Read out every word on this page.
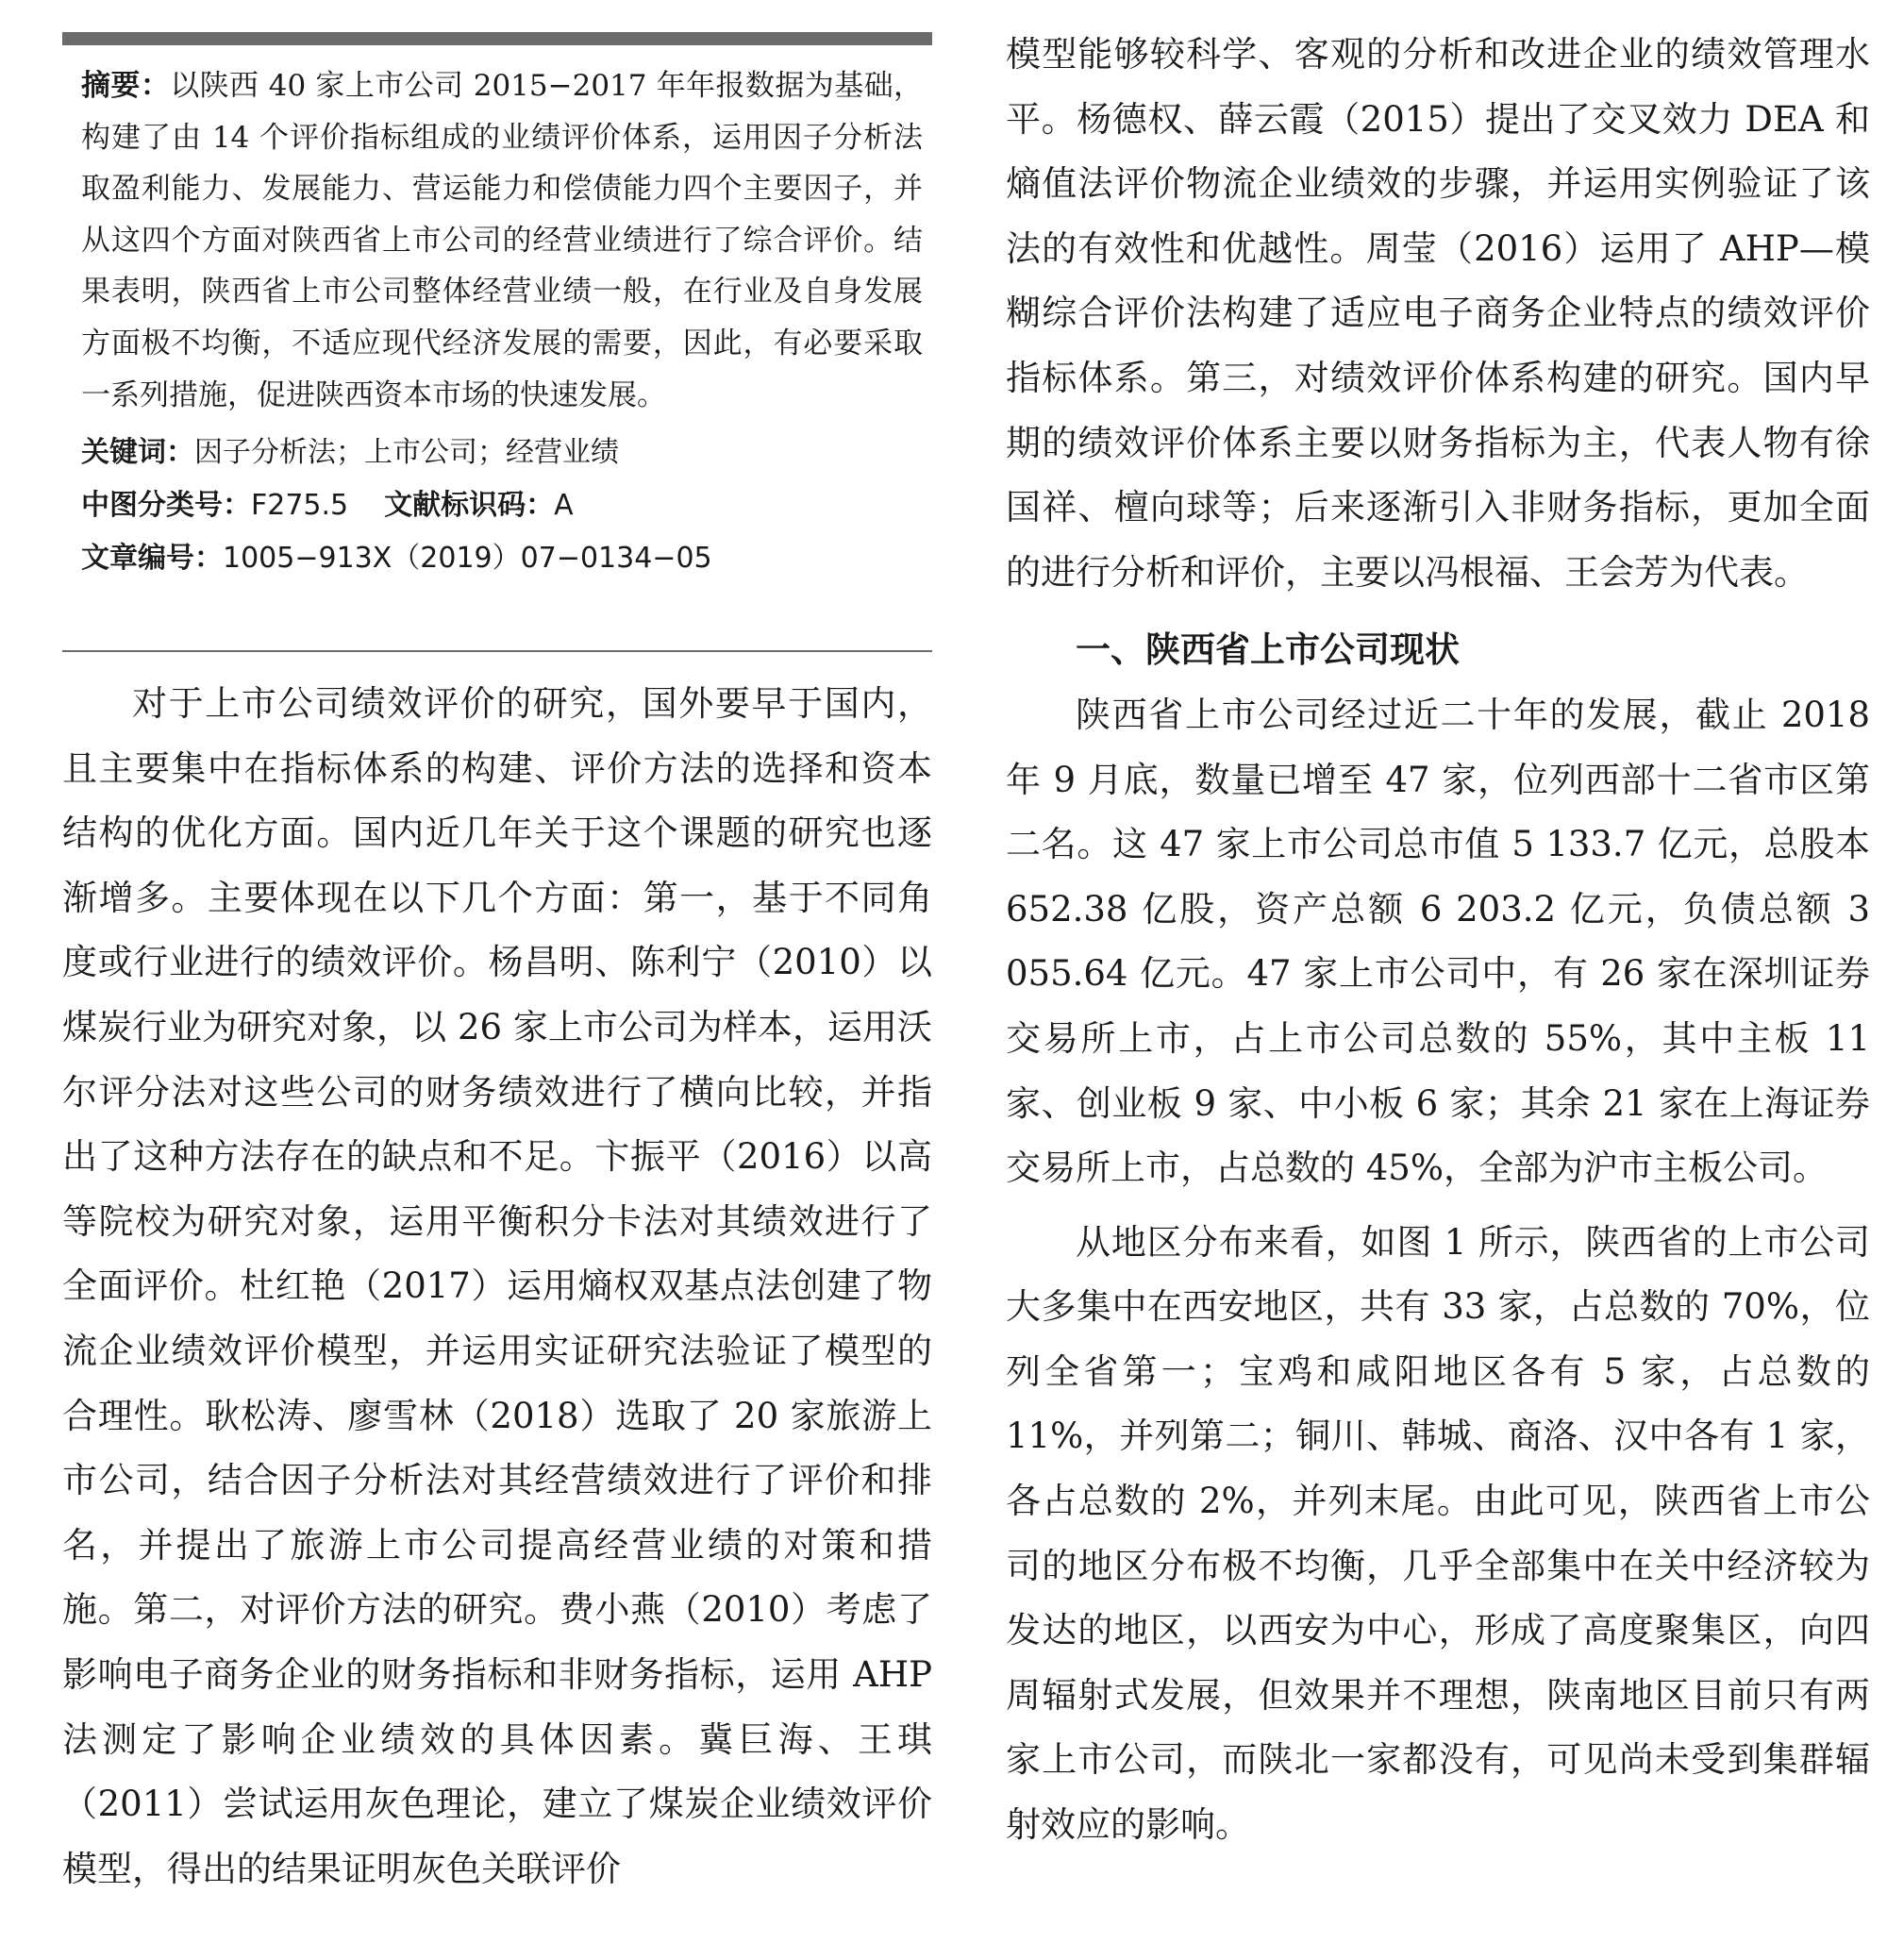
摘要：以陕西 40 家上市公司 2015−2017 年年报数据为基础，构建了由 14 个评价指标组成的业绩评价体系，运用因子分析法取盈利能力、发展能力、营运能力和偿债能力四个主要因子，并从这四个方面对陕西省上市公司的经营业绩进行了综合评价。结果表明，陕西省上市公司整体经营业绩一般，在行业及自身发展方面极不均衡，不适应现代经济发展的需要，因此，有必要采取一系列措施，促进陕西资本市场的快速发展。

关键词：因子分析法；上市公司；经营业绩

中图分类号：F275.5 文献标识码：A

文章编号：1005−913X（2019）07−0134−05

对于上市公司绩效评价的研究，国外要早于国内，且主要集中在指标体系的构建、评价方法的选择和资本结构的优化方面。国内近几年关于这个课题的研究也逐渐增多。主要体现在以下几个方面：第一，基于不同角度或行业进行的绩效评价。杨昌明、陈利宁（2010）以煤炭行业为研究对象，以 26 家上市公司为样本，运用沃尔评分法对这些公司的财务绩效进行了横向比较，并指出了这种方法存在的缺点和不足。卞振平（2016）以高等院校为研究对象，运用平衡积分卡法对其绩效进行了全面评价。杜红艳（2017）运用熵权双基点法创建了物流企业绩效评价模型，并运用实证研究法验证了模型的合理性。耿松涛、廖雪林（2018）选取了 20 家旅游上市公司，结合因子分析法对其经营绩效进行了评价和排名，并提出了旅游上市公司提高经营业绩的对策和措施。第二，对评价方法的研究。费小燕（2010）考虑了影响电子商务企业的财务指标和非财务指标，运用 AHP 法测定了影响企业绩效的具体因素。冀巨海、王琪（2011）尝试运用灰色理论，建立了煤炭企业绩效评价模型，得出的结果证明灰色关联评价

模型能够较科学、客观的分析和改进企业的绩效管理水平。杨德权、薛云霞（2015）提出了交叉效力 DEA 和熵值法评价物流企业绩效的步骤，并运用实例验证了该法的有效性和优越性。周莹（2016）运用了 AHP—模糊综合评价法构建了适应电子商务企业特点的绩效评价指标体系。第三，对绩效评价体系构建的研究。国内早期的绩效评价体系主要以财务指标为主，代表人物有徐国祥、檀向球等；后来逐渐引入非财务指标，更加全面的进行分析和评价，主要以冯根福、王会芳为代表。

一、陕西省上市公司现状

陕西省上市公司经过近二十年的发展，截止 2018 年 9 月底，数量已增至 47 家，位列西部十二省市区第二名。这 47 家上市公司总市值 5 133.7 亿元，总股本 652.38 亿股，资产总额 6 203.2 亿元，负债总额 3 055.64 亿元。47 家上市公司中，有 26 家在深圳证券交易所上市，占上市公司总数的 55%，其中主板 11 家、创业板 9 家、中小板 6 家；其余 21 家在上海证券交易所上市，占总数的 45%，全部为沪市主板公司。

从地区分布来看，如图 1 所示，陕西省的上市公司大多集中在西安地区，共有 33 家，占总数的 70%，位列全省第一；宝鸡和咸阳地区各有 5 家，占总数的 11%，并列第二；铜川、韩城、商洛、汉中各有 1 家，各占总数的 2%，并列末尾。由此可见，陕西省上市公司的地区分布极不均衡，几乎全部集中在关中经济较为发达的地区，以西安为中心，形成了高度聚集区，向四周辐射式发展，但效果并不理想，陕南地区目前只有两家上市公司，而陕北一家都没有，可见尚未受到集群辐射效应的影响。
